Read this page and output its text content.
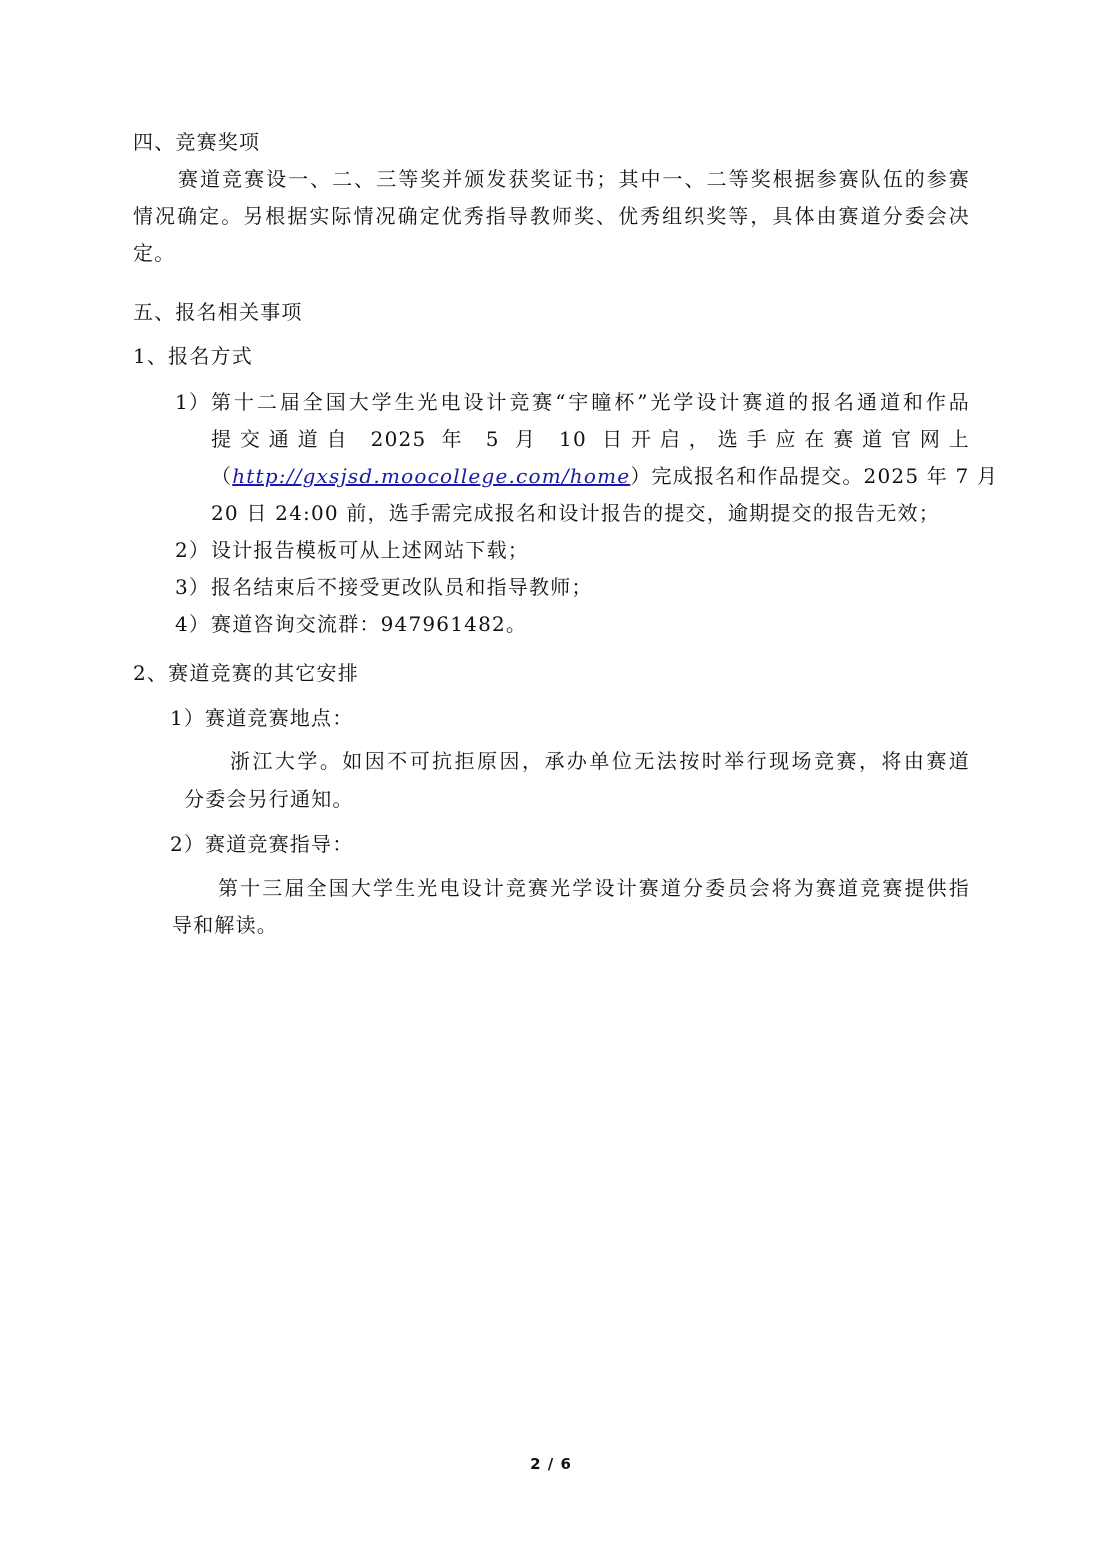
四、竞赛奖项
赛道竞赛设一、二、三等奖并颁发获奖证书；其中一、二等奖根据参赛队伍的参赛
情况确定。另根据实际情况确定优秀指导教师奖、优秀组织奖等，具体由赛道分委会决
定。
五、报名相关事项
1、报名方式
1） 第十二届全国大学生光电设计竞赛“宇瞳杯”光学设计赛道的报名通道和作品
提交通道自 2025 年 5 月 10 日开启，选手应在赛道官网上
（http://gxsjsd.moocollege.com/home）完成报名和作品提交。2025 年 7 月
20 日 24:00 前，选手需完成报名和设计报告的提交，逾期提交的报告无效；
2） 设计报告模板可从上述网站下载；
3） 报名结束后不接受更改队员和指导教师；
4） 赛道咨询交流群：947961482。
2、赛道竞赛的其它安排
1） 赛道竞赛地点：
浙江大学。如因不可抗拒原因，承办单位无法按时举行现场竞赛，将由赛道
分委会另行通知。
2） 赛道竞赛指导：
第十三届全国大学生光电设计竞赛光学设计赛道分委员会将为赛道竞赛提供指
导和解读。
2 / 6
